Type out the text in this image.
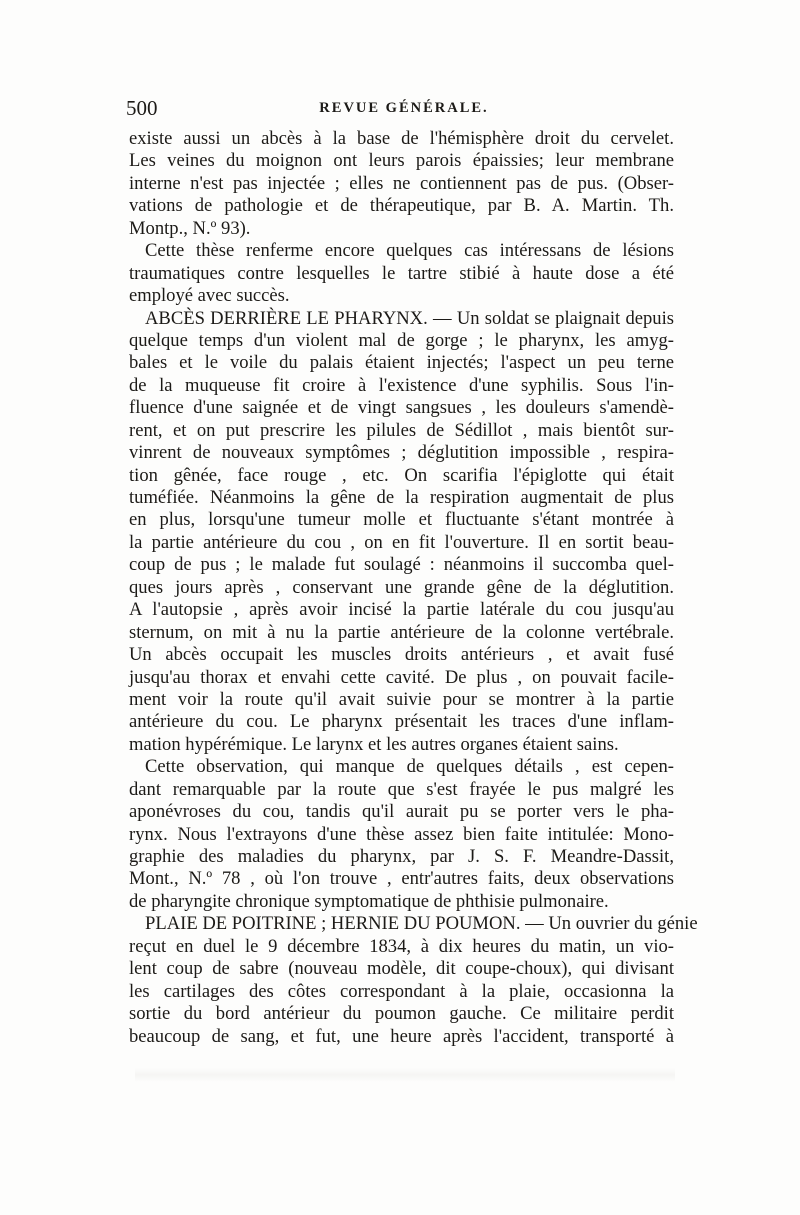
500	REVUE GÉNÉRALE.
existe aussi un abcès à la base de l'hémisphère droit du cervelet.
Les veines du moignon ont leurs parois épaissies; leur membrane
interne n'est pas injectée ; elles ne contiennent pas de pus. (Obser-
vations de pathologie et de thérapeutique, par B. A. Martin. Th.
Montp., N.º 93).
Cette thèse renferme encore quelques cas intéressans de lésions
traumatiques contre lesquelles le tartre stibié à haute dose a été
employé avec succès.
ABCÈS DERRIÈRE LE PHARYNX. — Un soldat se plaignait depuis
quelque temps d'un violent mal de gorge ; le pharynx, les amyg-
bales et le voile du palais étaient injectés; l'aspect un peu terne
de la muqueuse fit croire à l'existence d'une syphilis. Sous l'in-
fluence d'une saignée et de vingt sangsues , les douleurs s'amendè-
rent, et on put prescrire les pilules de Sédillot , mais bientôt sur-
vinrent de nouveaux symptômes ; déglutition impossible , respira-
tion gênée, face rouge , etc. On scarifia l'épiglotte qui était
tuméfiée. Néanmoins la gêne de la respiration augmentait de plus
en plus, lorsqu'une tumeur molle et fluctuante s'étant montrée à
la partie antérieure du cou , on en fit l'ouverture. Il en sortit beau-
coup de pus ; le malade fut soulagé : néanmoins il succomba quel-
ques jours après , conservant une grande gêne de la déglutition.
A l'autopsie , après avoir incisé la partie latérale du cou jusqu'au
sternum, on mit à nu la partie antérieure de la colonne vertébrale.
Un abcès occupait les muscles droits antérieurs , et avait fusé
jusqu'au thorax et envahi cette cavité. De plus , on pouvait facile-
ment voir la route qu'il avait suivie pour se montrer à la partie
antérieure du cou. Le pharynx présentait les traces d'une inflam-
mation hypérémique. Le larynx et les autres organes étaient sains.
Cette observation, qui manque de quelques détails , est cepen-
dant remarquable par la route que s'est frayée le pus malgré les
aponévroses du cou, tandis qu'il aurait pu se porter vers le pha-
rynx. Nous l'extrayons d'une thèse assez bien faite intitulée: Mono-
graphie des maladies du pharynx, par J. S. F. Meandre-Dassit,
Mont., N.º 78 , où l'on trouve , entr'autres faits, deux observations
de pharyngite chronique symptomatique de phthisie pulmonaire.
PLAIE DE POITRINE ; HERNIE DU POUMON. — Un ouvrier du génie
reçut en duel le 9 décembre 1834, à dix heures du matin, un vio-
lent coup de sabre (nouveau modèle, dit coupe-choux), qui divisant
les cartilages des côtes correspondant à la plaie, occasionna la
sortie du bord antérieur du poumon gauche. Ce militaire perdit
beaucoup de sang, et fut, une heure après l'accident, transporté à
